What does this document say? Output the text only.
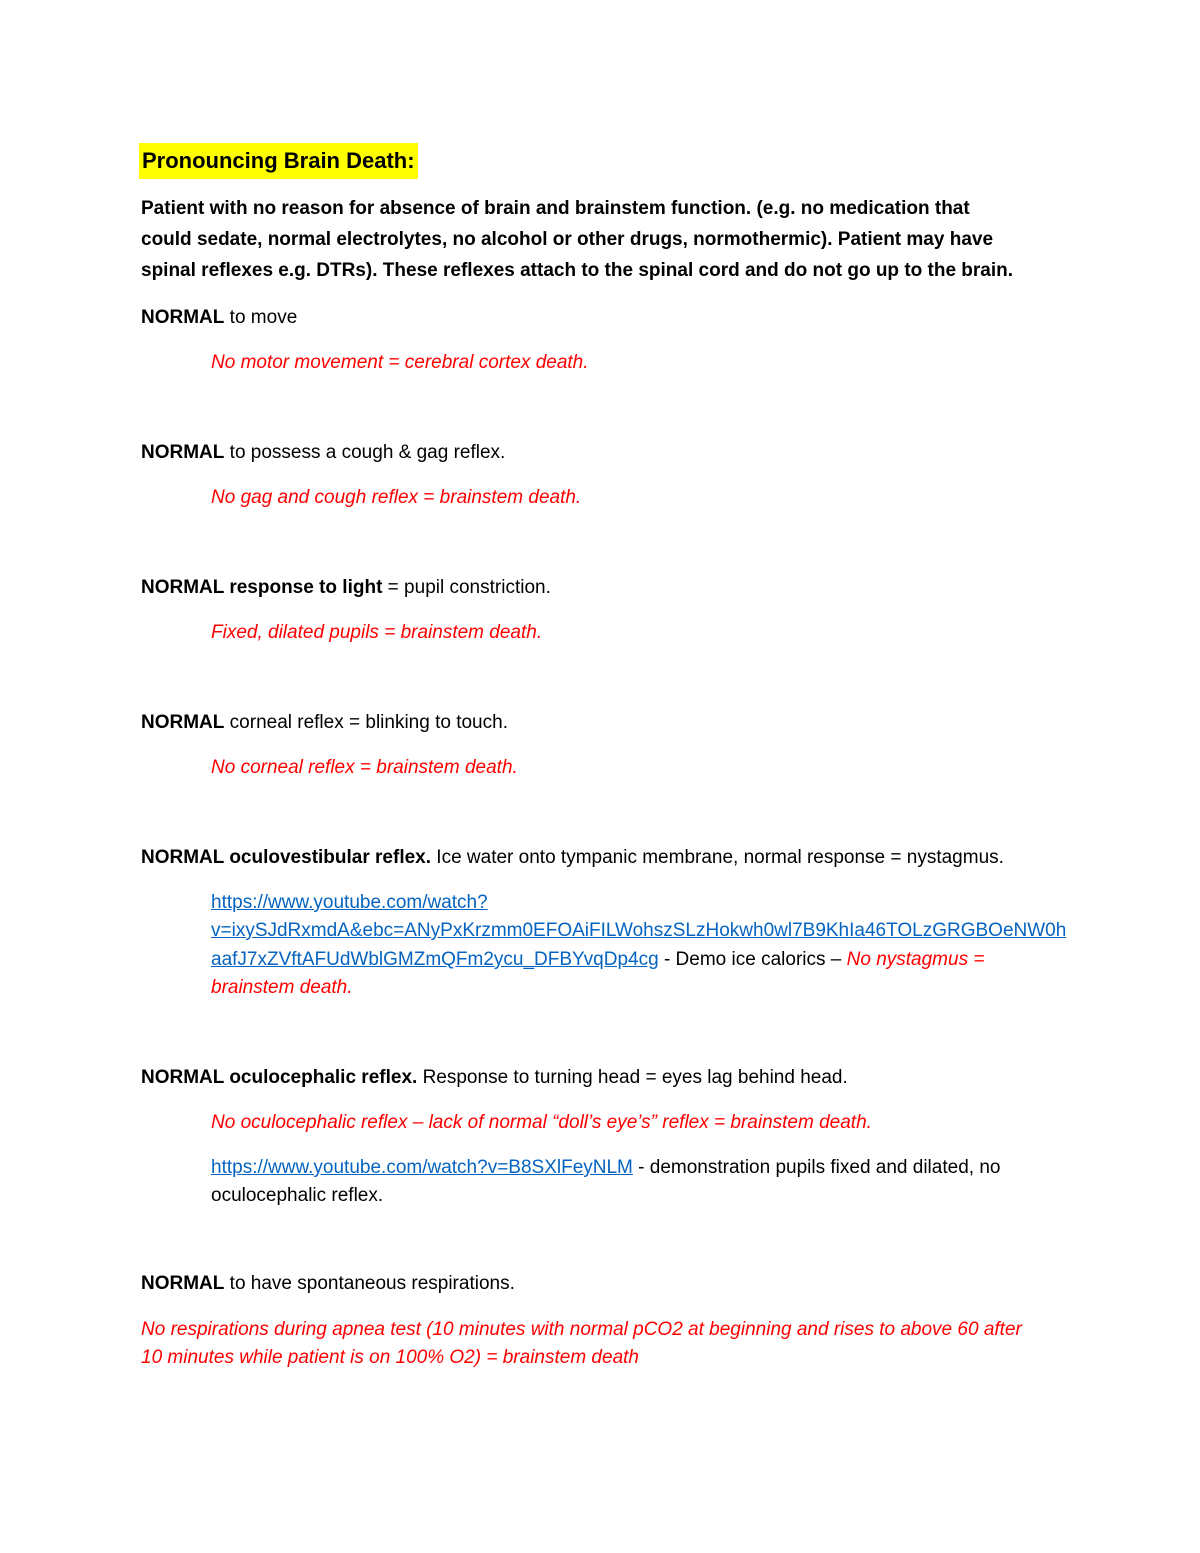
Pronouncing Brain Death:
Patient with no reason for absence of brain and brainstem function. (e.g. no medication that
could sedate, normal electrolytes, no alcohol or other drugs, normothermic). Patient may have
spinal reflexes e.g. DTRs). These reflexes attach to the spinal cord and do not go up to the brain.
NORMAL to move
No motor movement = cerebral cortex death.
NORMAL to possess a cough & gag reflex.
No gag and cough reflex = brainstem death.
NORMAL response to light = pupil constriction.
Fixed, dilated pupils = brainstem death.
NORMAL corneal reflex = blinking to touch.
No corneal reflex = brainstem death.
NORMAL oculovestibular reflex. Ice water onto tympanic membrane, normal response = nystagmus.
https://www.youtube.com/watch?
v=ixySJdRxmdA&ebc=ANyPxKrzmm0EFOAiFILWohszSLzHokwh0wl7B9KhIa46TOLzGRGBOeNW0h
aafJ7xZVftAFUdWblGMZmQFm2ycu_DFBYvqDp4cg - Demo ice calorics – No nystagmus =
brainstem death.
NORMAL oculocephalic reflex. Response to turning head = eyes lag behind head.
No oculocephalic reflex – lack of normal “doll’s eye’s” reflex = brainstem death.
https://www.youtube.com/watch?v=B8SXlFeyNLM - demonstration pupils fixed and dilated, no
oculocephalic reflex.
NORMAL to have spontaneous respirations.
No respirations during apnea test (10 minutes with normal pCO2 at beginning and rises to above 60 after
10 minutes while patient is on 100% O2) = brainstem death
